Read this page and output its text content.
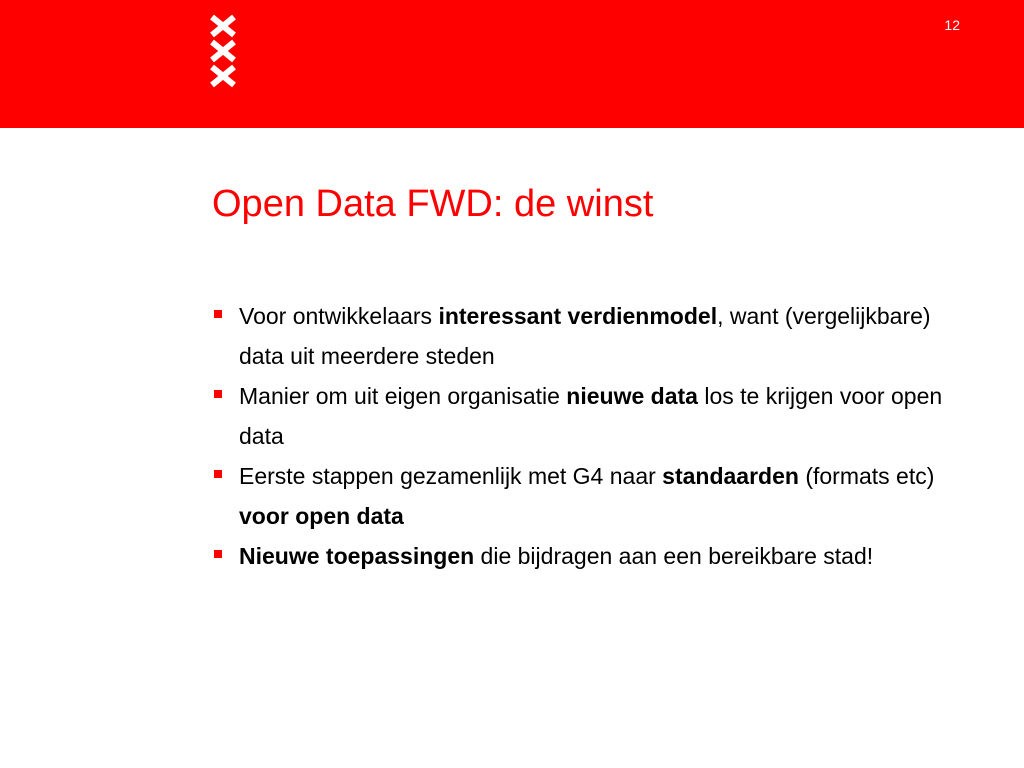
12
Open Data FWD: de winst
Voor ontwikkelaars interessant verdienmodel, want (vergelijkbare) data uit meerdere steden
Manier om uit eigen organisatie nieuwe data los te krijgen voor open data
Eerste stappen gezamenlijk met G4 naar standaarden (formats etc) voor open data
Nieuwe toepassingen die bijdragen aan een bereikbare stad!
